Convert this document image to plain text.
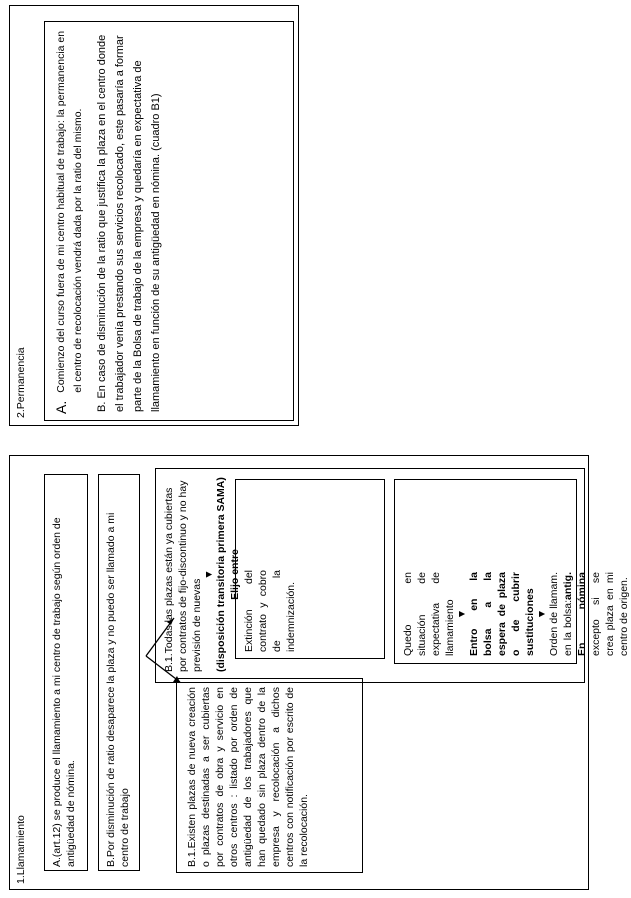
2.Permanencia A.
Comienzo del curso fuera de mi centro habitual de trabajo: la permanencia en el centro de recolocación vendrá dada por la ratio del mismo. B. En caso de disminución de la ratio que justifica la plaza en el centro donde el trabajador venía prestando sus servicios recolocado, este pasaría a formar parte de la Bolsa de trabajo de la empresa y quedaría en expectativa de llamamiento en función de su antigüedad en nómina. (cuadro B1)
1.Llamamiento A.(art.12) se produce el llamamiento a mi centro de trabajo según orden de antigüedad de nómina.	B.Por disminución de ratio desaparece la plaza y no puedo ser llamado a mi centro de trabajo	B.1.Existen plazas de nueva creación o plazas destinadas a ser cubiertas por contratos de obra y servicio en otros centros : listado por orden de antigüedad de los trabajadores que han quedado sin plaza dentro de la empresa y recolocación a dichos centros con notificación por escrito de la recolocación.
B.1.Todas las plazas están ya cubiertas por contratos de fijo-discontinuo y no hay previsión de nuevas
▼ (disposición transitoria primera SAMA) Elijo entre Extinción del contrato y cobro de la indemnización.	Quedo en situación de expectativa de llamamiento ▼ Entro en la bolsa a la espera de plaza o de cubrir sustituciones ▼ Orden de llamam. en la bolsa:antig. En nómina excepto si se crea plaza en mi centro de origen.
